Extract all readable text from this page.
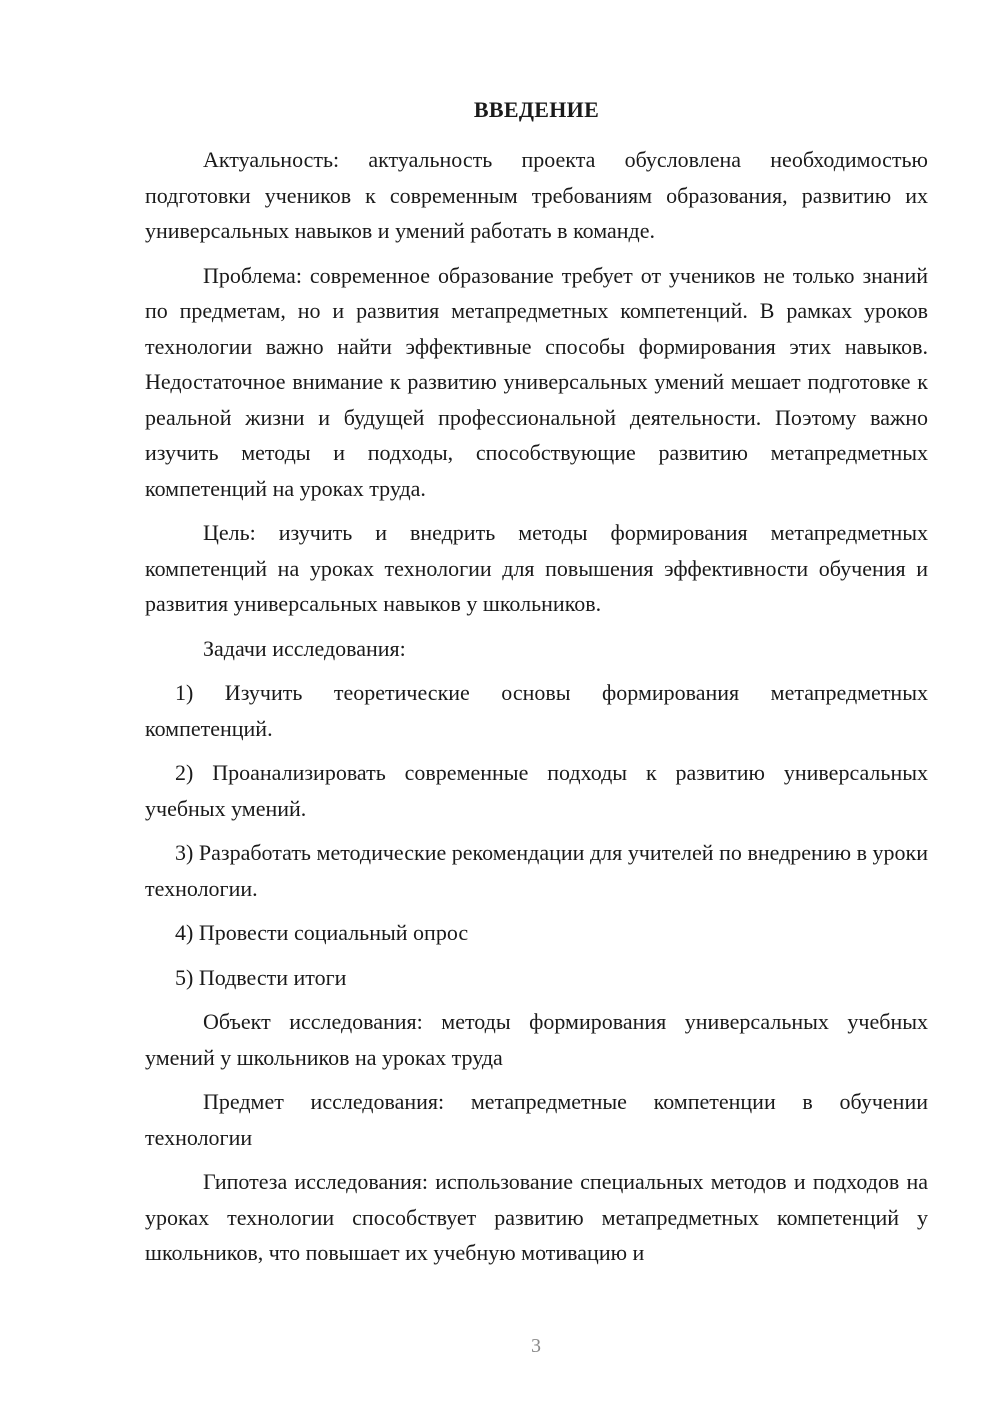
ВВЕДЕНИЕ

Актуальность: актуальность проекта обусловлена необходимостью подготовки учеников к современным требованиям образования, развитию их универсальных навыков и умений работать в команде.

Проблема: современное образование требует от учеников не только знаний по предметам, но и развития метапредметных компетенций. В рамках уроков технологии важно найти эффективные способы формирования этих навыков. Недостаточное внимание к развитию универсальных умений мешает подготовке к реальной жизни и будущей профессиональной деятельности. Поэтому важно изучить методы и подходы, способствующие развитию метапредметных компетенций на уроках труда.

Цель: изучить и внедрить методы формирования метапредметных компетенций на уроках технологии для повышения эффективности обучения и развития универсальных навыков у школьников.

Задачи исследования:

1) Изучить теоретические основы формирования метапредметных компетенций.

2) Проанализировать современные подходы к развитию универсальных учебных умений.

3) Разработать методические рекомендации для учителей по внедрению в уроки технологии.

4) Провести социальный опрос

5) Подвести итоги

Объект исследования: методы формирования универсальных учебных умений у школьников на уроках труда

Предмет исследования: метапредметные компетенции в обучении технологии

Гипотеза исследования: использование специальных методов и подходов на уроках технологии способствует развитию метапредметных компетенций у школьников, что повышает их учебную мотивацию и

3
